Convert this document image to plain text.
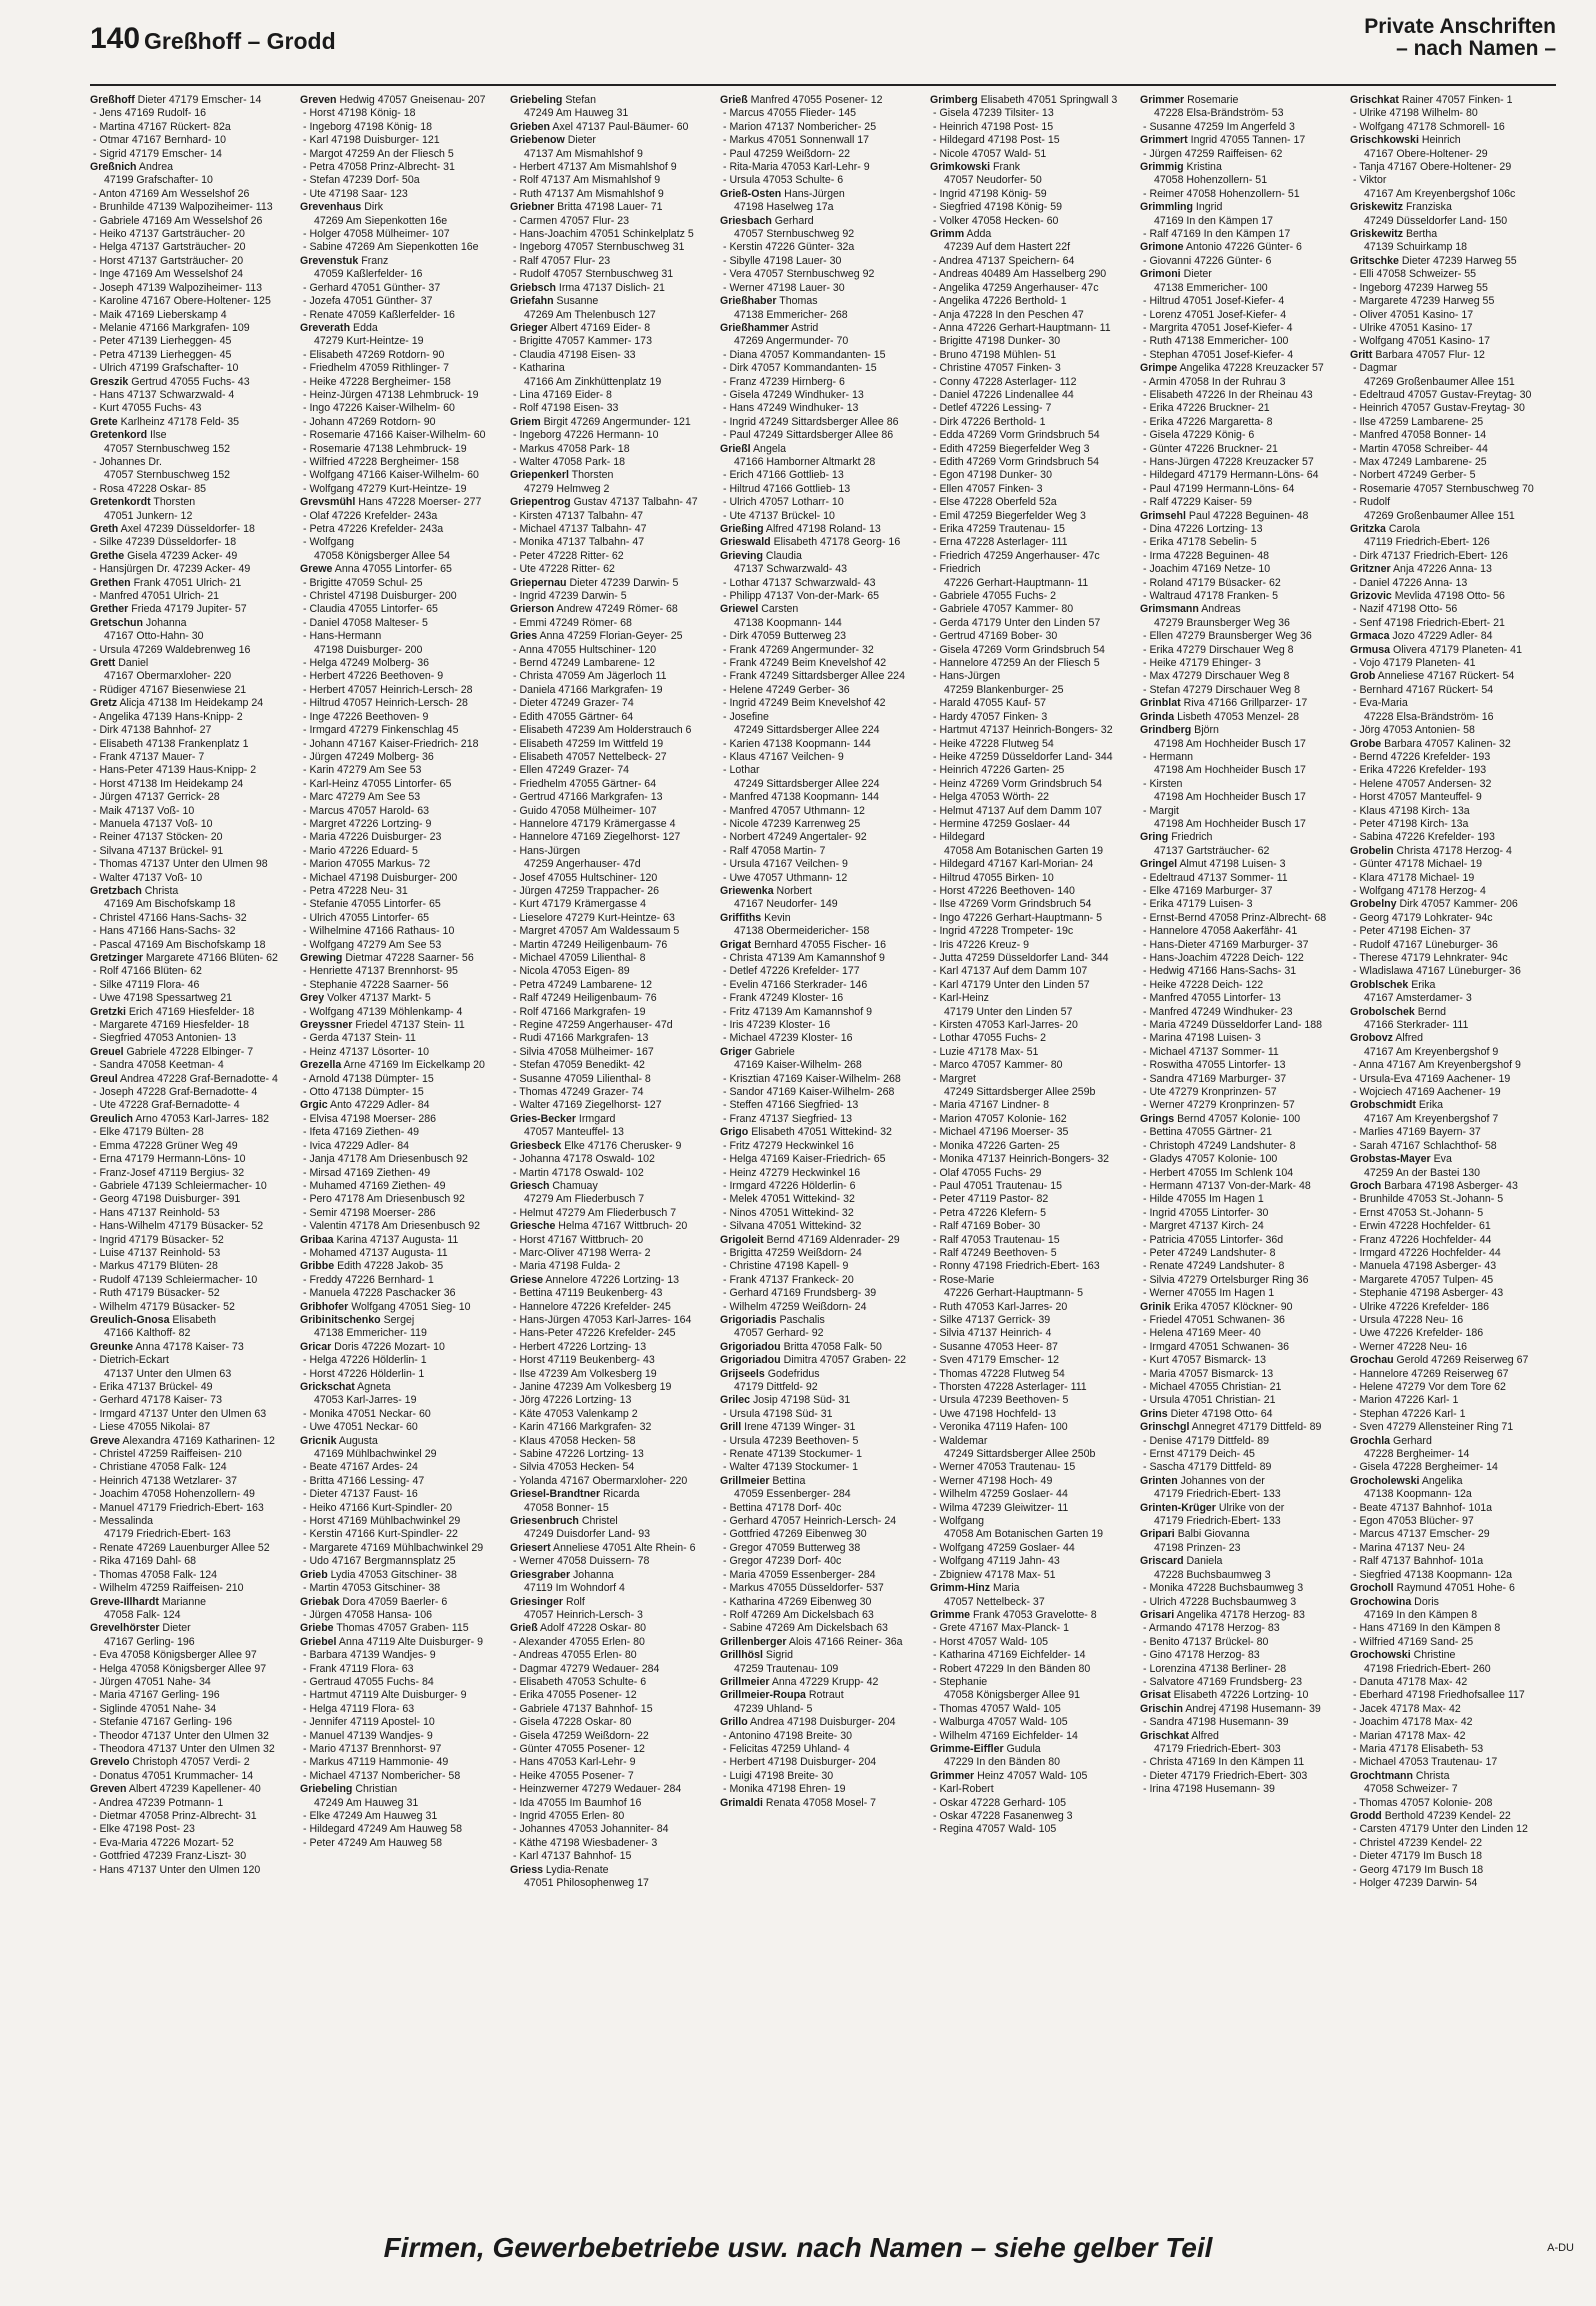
140 Greßhoff – Grodd
Private Anschriften
– nach Namen –
Greßhoff Dieter 47179 Emscher- 14
- Jens 47169 Rudolf- 16
- Martina 47167 Rückert- 82a
- Otmar 47167 Bernhard- 10
- Sigrid 47179 Emscher- 14
Greßnich Andrea
47199 Grafschafter- 10
- Anton 47169 Am Wesselshof 26
- Brunhilde 47139 Walpoziheimer- 113
- Gabriele 47169 Am Wesselshof 26
- Heiko 47137 Gartsträucher- 20
- Helga 47137 Gartsträucher- 20
- Horst 47137 Gartsträucher- 20
- Inge 47169 Am Wesselshof 24
- Joseph 47139 Walpoziheimer- 113
- Karoline 47167 Obere-Holtener- 125
- Maik 47169 Lieberskamp 4
- Melanie 47166 Markgrafen- 109
- Peter 47139 Lierheggen- 45
- Petra 47139 Lierheggen- 45
- Ulrich 47199 Grafschafter- 10
Greszik Gertrud 47055 Fuchs- 43
- Hans 47137 Schwarzwald- 4
- Kurt 47055 Fuchs- 43
Grete Karlheinz 47178 Feld- 35
Gretenkord Ilse
47057 Sternbuschweg 152
- Johannes Dr.
47057 Sternbuschweg 152
- Rosa 47228 Oskar- 85
Gretenkordt Thorsten
47051 Junkern- 12
Greth Axel 47239 Düsseldorfer- 18
- Silke 47239 Düsseldorfer- 18
Grethe Gisela 47239 Acker- 49
- Hansjürgen Dr. 47239 Acker- 49
Grethen Frank 47051 Ulrich- 21
- Manfred 47051 Ulrich- 21
Grether Frieda 47179 Jupiter- 57
Gretschun Johanna
47167 Otto-Hahn- 30
- Ursula 47269 Waldebrenweg 16
Grett Daniel
47167 Obermarxloher- 220
- Rüdiger 47167 Biesenwiese 21
Gretz Alicja 47138 Im Heidekamp 24
- Angelika 47139 Hans-Knipp- 2
- Dirk 47138 Bahnhof- 27
- Elisabeth 47138 Frankenplatz 1
- Frank 47137 Mauer- 7
- Hans-Peter 47139 Haus-Knipp- 2
- Horst 47138 Im Heidekamp 24
- Jürgen 47137 Gerrick- 28
- Maik 47137 Voß- 10
- Manuela 47137 Voß- 10
- Reiner 47137 Stöcken- 20
- Silvana 47137 Brückel- 91
- Thomas 47137 Unter den Ulmen 98
- Walter 47137 Voß- 10
Gretzbach Christa
47169 Am Bischofskamp 18
- Christel 47166 Hans-Sachs- 32
- Hans 47166 Hans-Sachs- 32
- Pascal 47169 Am Bischofskamp 18
Gretzinger Margarete 47166 Blüten- 62
- Rolf 47166 Blüten- 62
- Silke 47119 Flora- 46
- Uwe 47198 Spessartweg 21
Gretzki Erich 47169 Hiesfelder- 18
- Margarete 47169 Hiesfelder- 18
- Siegfried 47053 Antonien- 13
Greuel Gabriele 47228 Elbinger- 7
- Sandra 47058 Keetman- 4
Greul Andrea 47228 Graf-Bernadotte- 4
- Joseph 47228 Graf-Bernadotte- 4
- Ute 47228 Graf-Bernadotte- 4
Greulich Arno 47053 Karl-Jarres- 182
- Elke 47179 Bülten- 28
- Emma 47228 Grüner Weg 49
- Erna 47179 Hermann-Löns- 10
- Franz-Josef 47119 Bergius- 32
- Gabriele 47139 Schleiermacher- 10
- Georg 47198 Duisburger- 391
- Hans 47137 Reinhold- 53
- Hans-Wilhelm 47179 Büsacker- 52
- Ingrid 47179 Büsacker- 52
- Luise 47137 Reinhold- 53
- Markus 47179 Blüten- 28
- Rudolf 47139 Schleiermacher- 10
- Ruth 47179 Büsacker- 52
- Wilhelm 47179 Büsacker- 52
Greulich-Gnosa Elisabeth
47166 Kalthoff- 82
Greunke Anna 47178 Kaiser- 73
- Dietrich-Eckart
47137 Unter den Ulmen 63
- Erika 47137 Brückel- 49
- Gerhard 47178 Kaiser- 73
- Irmgard 47137 Unter den Ulmen 63
- Liese 47055 Nikolai- 87
Greve Alexandra 47169 Katharinen- 12
- Christel 47259 Raiffeisen- 210
- Christiane 47058 Falk- 124
- Heinrich 47138 Wetzlarer- 37
- Joachim 47058 Hohenzollern- 49
- Manuel 47179 Friedrich-Ebert- 163
- Messalinda
47179 Friedrich-Ebert- 163
- Renate 47269 Lauenburger Allee 52
- Rika 47169 Dahl- 68
- Thomas 47058 Falk- 124
- Wilhelm 47259 Raiffeisen- 210
Greve-Illhardt Marianne
47058 Falk- 124
Grevelhörster Dieter
47167 Gerling- 196
- Eva 47058 Königsberger Allee 97
- Helga 47058 Königsberger Allee 97
- Jürgen 47051 Nahe- 34
- Maria 47167 Gerling- 196
- Siglinde 47051 Nahe- 34
- Stefanie 47167 Gerling- 196
- Theodor 47137 Unter den Ulmen 32
- Theodora 47137 Unter den Ulmen 32
Grevelo Christoph 47057 Verdi- 2
- Donatus 47051 Krummacher- 14
Greven Albert 47239 Kapellener- 40
- Andrea 47239 Potmann- 1
- Dietmar 47058 Prinz-Albrecht- 31
- Elke 47198 Post- 23
- Eva-Maria 47226 Mozart- 52
- Gottfried 47239 Franz-Liszt- 30
- Hans 47137 Unter den Ulmen 120
Greven Hedwig 47057 Gneisenau- 207
- Horst 47198 König- 18
- Ingeborg 47198 König- 18
- Karl 47198 Duisburger- 121
- Margot 47259 An der Fliesch 5
- Petra 47058 Prinz-Albrecht- 31
- Stefan 47239 Dorf- 50a
- Ute 47198 Saar- 123
Grevenhaus Dirk
47269 Am Siepenkotten 16e
- Holger 47058 Mülheimer- 107
- Sabine 47269 Am Siepenkotten 16e
Grevenstuk Franz
47059 Kaßlerfelder- 16
- Gerhard 47051 Günther- 37
- Jozefa 47051 Günther- 37
- Renate 47059 Kaßlerfelder- 16
Greverath Edda
47279 Kurt-Heintze- 19
- Elisabeth 47269 Rotdorn- 90
- Friedhelm 47059 Rithlinger- 7
- Heike 47228 Bergheimer- 158
- Heinz-Jürgen 47138 Lehmbruck- 19
- Ingo 47226 Kaiser-Wilhelm- 60
- Johann 47269 Rotdorn- 90
- Rosemarie 47166 Kaiser-Wilhelm- 60
- Rosemarie 47138 Lehmbruck- 19
- Wilfried 47228 Bergheimer- 158
- Wolfgang 47166 Kaiser-Wilhelm- 60
- Wolfgang 47279 Kurt-Heintze- 19
Grevsmühl Hans 47228 Moerser- 277
- Olaf 47226 Krefelder- 243a
- Petra 47226 Krefelder- 243a
- Wolfgang
47058 Königsberger Allee 54
Grewe Anna 47055 Lintorfer- 65
- Brigitte 47059 Schul- 25
- Christel 47198 Duisburger- 200
- Claudia 47055 Lintorfer- 65
- Daniel 47058 Malteser- 5
- Hans-Hermann
47198 Duisburger- 200
- Helga 47249 Molberg- 36
- Herbert 47226 Beethoven- 9
- Herbert 47057 Heinrich-Lersch- 28
- Hiltrud 47057 Heinrich-Lersch- 28
- Inge 47226 Beethoven- 9
- Irmgard 47279 Finkenschlag 45
- Johann 47167 Kaiser-Friedrich- 218
- Jürgen 47249 Molberg- 36
- Karin 47279 Am See 53
- Karl-Heinz 47055 Lintorfer- 65
- Marc 47279 Am See 53
- Marcus 47057 Harold- 63
- Margret 47226 Lortzing- 9
- Maria 47226 Duisburger- 23
- Mario 47226 Eduard- 5
- Marion 47055 Markus- 72
- Michael 47198 Duisburger- 200
- Petra 47228 Neu- 31
- Stefanie 47055 Lintorfer- 65
- Ulrich 47055 Lintorfer- 65
- Wilhelmine 47166 Rathaus- 10
- Wolfgang 47279 Am See 53
Grewing Dietmar 47228 Saarner- 56
- Henriette 47137 Brennhorst- 95
- Stephanie 47228 Saarner- 56
Grey Volker 47137 Markt- 5
- Wolfgang 47139 Möhlenkamp- 4
Greyssner Friedel 47137 Stein- 11
- Gerda 47137 Stein- 11
- Heinz 47137 Lösorter- 10
Grezella Arne 47169 Im Eickelkamp 20
- Arnold 47138 Dümpter- 15
- Otto 47138 Dümpter- 15
Grgic Anto 47229 Adler- 84
- Elvisa 47198 Moerser- 286
- Ifeta 47169 Ziethen- 49
- Ivica 47229 Adler- 84
- Janja 47178 Am Driesenbusch 92
- Mirsad 47169 Ziethen- 49
- Muhamed 47169 Ziethen- 49
- Pero 47178 Am Driesenbusch 92
- Semir 47198 Moerser- 286
- Valentin 47178 Am Driesenbusch 92
Gribaa Karina 47137 Augusta- 11
- Mohamed 47137 Augusta- 11
Gribbe Edith 47228 Jakob- 35
- Freddy 47226 Bernhard- 1
- Manuela 47228 Paschacker 36
Gribhofer Wolfgang 47051 Sieg- 10
Gribinitschenko Sergej
47138 Emmericher- 119
Gricar Doris 47226 Mozart- 10
- Helga 47226 Hölderlin- 1
- Horst 47226 Hölderlin- 1
Grickschat Agneta
47053 Karl-Jarres- 19
- Monika 47051 Neckar- 60
- Uwe 47051 Neckar- 60
Gricnik Augusta
47169 Mühlbachwinkel 29
- Beate 47167 Ardes- 24
- Britta 47166 Lessing- 47
- Dieter 47137 Faust- 16
- Heiko 47166 Kurt-Spindler- 20
- Horst 47169 Mühlbachwinkel 29
- Kerstin 47166 Kurt-Spindler- 22
- Margarete 47169 Mühlbachwinkel 29
- Udo 47167 Bergmannsplatz 25
Grieb Lydia 47053 Gitschiner- 38
- Martin 47053 Gitschiner- 38
Griebak Dora 47059 Baerler- 6
- Jürgen 47058 Hansa- 106
Griebe Thomas 47057 Graben- 115
Griebel Anna 47119 Alte Duisburger- 9
- Barbara 47139 Wandjes- 9
- Frank 47119 Flora- 63
- Gertraud 47055 Fuchs- 84
- Hartmut 47119 Alte Duisburger- 9
- Helga 47119 Flora- 63
- Jennifer 47119 Apostel- 10
- Manuel 47139 Wandjes- 9
- Mario 47137 Brennhorst- 97
- Markus 47119 Hammonie- 49
- Michael 47137 Nombericher- 58
Griebeling Christian
47249 Am Hauweg 31
- Elke 47249 Am Hauweg 31
- Hildegard 47249 Am Hauweg 58
- Peter 47249 Am Hauweg 58
Griebeling Stefan
47249 Am Hauweg 31
Grieben Axel 47137 Paul-Bäumer- 60
Griebenow Dieter
47137 Am Mismahlshof 9
- Herbert 47137 Am Mismahlshof 9
- Rolf 47137 Am Mismahlshof 9
- Ruth 47137 Am Mismahlshof 9
Griebner Britta 47198 Lauer- 71
- Carmen 47057 Flur- 23
- Hans-Joachim 47051 Schinkelplatz 5
- Ingeborg 47057 Sternbuschweg 31
- Ralf 47057 Flur- 23
- Rudolf 47057 Sternbuschweg 31
Griebsch Irma 47137 Dislich- 21
Griefahn Susanne
47269 Am Thelenbusch 127
Grieger Albert 47169 Eider- 8
- Brigitte 47057 Kammer- 173
- Claudia 47198 Eisen- 33
- Katharina
47166 Am Zinkhüttenplatz 19
- Lina 47169 Eider- 8
- Rolf 47198 Eisen- 33
Griem Birgit 47269 Angermunder- 121
- Ingeborg 47226 Hermann- 10
- Markus 47058 Park- 18
- Walter 47058 Park- 18
Griepenkerl Thorsten
47279 Helmweg 2
Griepentrog Gustav 47137 Talbahn- 47
- Kirsten 47137 Talbahn- 47
- Michael 47137 Talbahn- 47
- Monika 47137 Talbahn- 47
- Peter 47228 Ritter- 62
- Ute 47228 Ritter- 62
Griepernau Dieter 47239 Darwin- 5
- Ingrid 47239 Darwin- 5
Grierson Andrew 47249 Römer- 68
- Emmi 47249 Römer- 68
Gries Anna 47259 Florian-Geyer- 25
- Anna 47055 Hultschiner- 120
- Bernd 47249 Lambarene- 12
- Christa 47059 Am Jägerloch 11
- Daniela 47166 Markgrafen- 19
- Dieter 47249 Grazer- 74
- Edith 47055 Gärtner- 64
- Elisabeth 47239 Am Holderstrauch 6
- Elisabeth 47259 Im Wittfeld 19
- Elisabeth 47057 Nettelbeck- 27
- Ellen 47249 Grazer- 74
- Friedhelm 47055 Gärtner- 64
- Gertrud 47166 Markgrafen- 13
- Guido 47058 Mülheimer- 107
- Hannelore 47179 Krämergasse 4
- Hannelore 47169 Ziegelhorst- 127
- Hans-Jürgen
47259 Angerhauser- 47d
- Josef 47055 Hultschiner- 120
- Jürgen 47259 Trappacher- 26
- Kurt 47179 Krämergasse 4
- Lieselore 47279 Kurt-Heintze- 63
- Margret 47057 Am Waldessaum 5
- Martin 47249 Heiligenbaum- 76
- Michael 47059 Lilienthal- 8
- Nicola 47053 Eigen- 89
- Petra 47249 Lambarene- 12
- Ralf 47249 Heiligenbaum- 76
- Rolf 47166 Markgrafen- 19
- Regine 47259 Angerhauser- 47d
- Rudi 47166 Markgrafen- 13
- Silvia 47058 Mülheimer- 167
- Stefan 47059 Benedikt- 42
- Susanne 47059 Lilienthal- 8
- Thomas 47249 Grazer- 74
- Walter 47169 Ziegelhorst- 127
Gries-Becker Irmgard
47057 Manteuffel- 13
Griesbeck Elke 47176 Cherusker- 9
- Johanna 47178 Oswald- 102
- Martin 47178 Oswald- 102
Griesch Chamuay
47279 Am Fliederbusch 7
- Helmut 47279 Am Fliederbusch 7
Griesche Helma 47167 Wittbruch- 20
- Horst 47167 Wittbruch- 20
- Marc-Oliver 47198 Werra- 2
- Maria 47198 Fulda- 2
Griese Annelore 47226 Lortzing- 13
- Bettina 47119 Beukenberg- 43
- Hannelore 47226 Krefelder- 245
- Hans-Jürgen 47053 Karl-Jarres- 164
- Hans-Peter 47226 Krefelder- 245
- Herbert 47226 Lortzing- 13
- Horst 47119 Beukenberg- 43
- Ilse 47239 Am Volkesberg 19
- Janine 47239 Am Volkesberg 19
- Jörg 47226 Lortzing- 13
- Käte 47053 Valenkamp 2
- Karin 47166 Markgrafen- 32
- Klaus 47058 Hecken- 58
- Sabine 47226 Lortzing- 13
- Silvia 47053 Hecken- 54
- Yolanda 47167 Obermarxloher- 220
Griesel-Brandtner Ricarda
47058 Bonner- 15
Griesenbruch Christel
47249 Duisdorfer Land- 93
Griesert Anneliese 47051 Alte Rhein- 6
- Werner 47058 Duissern- 78
Griesgraber Johanna
47119 Im Wohndorf 4
Griesinger Rolf
47057 Heinrich-Lersch- 3
Grieß Adolf 47228 Oskar- 80
- Alexander 47055 Erlen- 80
- Andreas 47055 Erlen- 80
- Dagmar 47279 Wedauer- 284
- Elisabeth 47053 Schulte- 6
- Erika 47055 Posener- 12
- Gabriele 47137 Bahnhof- 15
- Gisela 47228 Oskar- 80
- Gisela 47259 Weißdorn- 22
- Günter 47055 Posener- 12
- Hans 47053 Karl-Lehr- 9
- Heike 47055 Posener- 7
- Heinzwerner 47279 Wedauer- 284
- Ida 47055 Im Baumhof 16
- Ingrid 47055 Erlen- 80
- Johannes 47053 Johanniter- 84
- Käthe 47198 Wiesbadener- 3
- Karl 47137 Bahnhof- 15
Griess Lydia-Renate
47051 Philosophenweg 17
Grieß Manfred 47055 Posener- 12
- Marcus 47055 Flieder- 145
- Marion 47137 Nombericher- 25
- Markus 47051 Sonnenwall 17
- Paul 47259 Weißdorn- 22
- Rita-Maria 47053 Karl-Lehr- 9
- Ursula 47053 Schulte- 6
Grieß-Osten Hans-Jürgen
47198 Haselweg 17a
Griesbach Gerhard
47057 Sternbuschweg 92
- Kerstin 47226 Günter- 32a
- Sibylle 47198 Lauer- 30
- Vera 47057 Sternbuschweg 92
- Werner 47198 Lauer- 30
Grießhaber Thomas
47138 Emmericher- 268
Grießhammer Astrid
47269 Angermunder- 70
- Diana 47057 Kommandanten- 15
- Dirk 47057 Kommandanten- 15
- Franz 47239 Hirnberg- 6
- Gisela 47249 Windhuker- 13
- Hans 47249 Windhuker- 13
- Ingrid 47249 Sittardsberger Allee 86
- Paul 47249 Sittardsberger Allee 86
Grießl Angela
47166 Hamborner Altmarkt 28
- Erich 47166 Gottlieb- 13
- Hiltrud 47166 Gottlieb- 13
- Ulrich 47057 Lotharr- 10
- Ute 47137 Brückel- 10
Grießing Alfred 47198 Roland- 13
Grieswald Elisabeth 47178 Georg- 16
Grieving Claudia
47137 Schwarzwald- 43
- Lothar 47137 Schwarzwald- 43
- Philipp 47137 Von-der-Mark- 65
Griewel Carsten
47138 Koopmann- 144
- Dirk 47059 Butterweg 23
- Frank 47269 Angermunder- 32
- Frank 47249 Beim Knevelshof 42
- Frank 47249 Sittardsberger Allee 224
- Helene 47249 Gerber- 36
- Ingrid 47249 Beim Knevelshof 42
- Josefine
47249 Sittardsberger Allee 224
- Karien 47138 Koopmann- 144
- Klaus 47167 Veilchen- 9
- Lothar
47249 Sittardsberger Allee 224
- Manfred 47138 Koopmann- 144
- Manfred 47057 Uthmann- 12
- Nicole 47239 Karrenweg 25
- Norbert 47249 Angertaler- 92
- Ralf 47058 Martin- 7
- Ursula 47167 Veilchen- 9
- Uwe 47057 Uthmann- 12
Griewenka Norbert
47167 Neudorfer- 149
Griffiths Kevin
47138 Obermeidericher- 158
Grigat Bernhard 47055 Fischer- 16
- Christa 47139 Am Kamannshof 9
- Detlef 47226 Krefelder- 177
- Evelin 47166 Sterkrader- 146
- Frank 47249 Kloster- 16
- Fritz 47139 Am Kamannshof 9
- Iris 47239 Kloster- 16
- Michael 47239 Kloster- 16
Griger Gabriele
47169 Kaiser-Wilhelm- 268
- Krisztian 47169 Kaiser-Wilhelm- 268
- Sandor 47169 Kaiser-Wilhelm- 268
- Steffen 47166 Siegfried- 13
- Franz 47137 Siegfried- 13
Grigo Elisabeth 47051 Wittekind- 32
- Fritz 47279 Heckwinkel 16
- Helga 47169 Kaiser-Friedrich- 65
- Heinz 47279 Heckwinkel 16
- Irmgard 47226 Hölderlin- 6
- Melek 47051 Wittekind- 32
- Ninos 47051 Wittekind- 32
- Silvana 47051 Wittekind- 32
Grigoleit Bernd 47169 Aldenrader- 29
- Brigitta 47259 Weißdorn- 24
- Christine 47198 Kapell- 9
- Frank 47137 Frankeck- 20
- Gerhard 47169 Frundsberg- 39
- Wilhelm 47259 Weißdorn- 24
Grigoriadis Paschalis
47057 Gerhard- 92
Grigoriadou Britta 47058 Falk- 50
Grigoriadou Dimitra 47057 Graben- 22
Grijseels Godefridus
47179 Dittfeld- 92
Grilec Josip 47198 Süd- 31
- Ursula 47198 Süd- 31
Grill Irene 47139 Winger- 31
- Ursula 47239 Beethoven- 5
- Renate 47139 Stockumer- 1
- Walter 47139 Stockumer- 1
Grillmeier Bettina
47059 Essenberger- 284
- Bettina 47178 Dorf- 40c
- Gerhard 47057 Heinrich-Lersch- 24
- Gottfried 47269 Eibenweg 30
- Gregor 47059 Butterweg 38
- Gregor 47239 Dorf- 40c
- Maria 47059 Essenberger- 284
- Markus 47055 Düsseldorfer- 537
- Katharina 47269 Eibenweg 30
- Rolf 47269 Am Dickelsbach 63
- Sabine 47269 Am Dickelsbach 63
Grillenberger Alois 47166 Reiner- 36a
Grillhösl Sigrid
47259 Trautenau- 109
Grillmeier Anna 47229 Krupp- 42
Grillmeier-Roupa Rotraut
47239 Uhland- 5
Grillo Andrea 47198 Duisburger- 204
- Antonino 47198 Breite- 30
- Felicitas 47259 Uhland- 4
- Herbert 47198 Duisburger- 204
- Luigi 47198 Breite- 30
- Monika 47198 Ehren- 19
Grimaldi Renata 47058 Mosel- 7
Grimberg Elisabeth 47051 Springwall 3
- Gisela 47239 Tilsiter- 13
- Heinrich 47198 Post- 15
- Hildegard 47198 Post- 15
- Nicole 47057 Wald- 51
Grimkowski Frank
47057 Neudorfer- 50
- Ingrid 47198 König- 59
- Siegfried 47198 König- 59
- Volker 47058 Hecken- 60
Grimm Adda
47239 Auf dem Hastert 22f
- Andrea 47137 Speichern- 64
- Andreas 40489 Am Hasselberg 290
- Angelika 47259 Angerhauser- 47c
- Angelika 47226 Berthold- 1
- Anja 47228 In den Peschen 47
- Anna 47226 Gerhart-Hauptmann- 11
- Brigitte 47198 Dunker- 30
- Bruno 47198 Mühlen- 51
- Christine 47057 Finken- 3
- Conny 47228 Asterlager- 112
- Daniel 47226 Lindenallee 44
- Detlef 47226 Lessing- 7
- Dirk 47226 Berthold- 1
- Edda 47269 Vorm Grindsbruch 54
- Edith 47259 Biegerfelder Weg 3
- Edith 47269 Vorm Grindsbruch 54
- Egon 47198 Dunker- 30
- Ellen 47057 Finken- 3
- Else 47228 Oberfeld 52a
- Emil 47259 Biegerfelder Weg 3
- Erika 47259 Trautenau- 15
- Erna 47228 Asterlager- 111
- Friedrich 47259 Angerhauser- 47c
- Friedrich
47226 Gerhart-Hauptmann- 11
- Gabriele 47055 Fuchs- 2
- Gabriele 47057 Kammer- 80
- Gerda 47179 Unter den Linden 57
- Gertrud 47169 Bober- 30
- Gisela 47269 Vorm Grindsbruch 54
- Hannelore 47259 An der Fliesch 5
- Hans-Jürgen
47259 Blankenburger- 25
- Harald 47055 Kauf- 57
- Hardy 47057 Finken- 3
- Hartmut 47137 Heinrich-Bongers- 32
- Heike 47228 Flutweg 54
- Heike 47259 Düsseldorfer Land- 344
- Heinrich 47226 Garten- 25
- Heinz 47269 Vorm Grindsbruch 54
- Helga 47053 Wörth- 22
- Helmut 47137 Auf dem Damm 107
- Hermine 47259 Goslaer- 44
- Hildegard
47058 Am Botanischen Garten 19
- Hildegard 47167 Karl-Morian- 24
- Hiltrud 47055 Birken- 10
- Horst 47226 Beethoven- 140
- Ilse 47269 Vorm Grindsbruch 54
- Ingo 47226 Gerhart-Hauptmann- 5
- Ingrid 47228 Trompeter- 19c
- Iris 47226 Kreuz- 9
- Jutta 47259 Düsseldorfer Land- 344
- Karl 47137 Auf dem Damm 107
- Karl 47179 Unter den Linden 57
- Karl-Heinz
47179 Unter den Linden 57
- Kirsten 47053 Karl-Jarres- 20
- Lothar 47055 Fuchs- 2
- Luzie 47178 Max- 51
- Marco 47057 Kammer- 80
- Margret
47249 Sittardsberger Allee 259b
- Maria 47167 Lindner- 8
- Marion 47057 Kolonie- 162
- Michael 47196 Moerser- 35
- Monika 47226 Garten- 25
- Monika 47137 Heinrich-Bongers- 32
- Olaf 47055 Fuchs- 29
- Paul 47051 Trautenau- 15
- Peter 47119 Pastor- 82
- Petra 47226 Klefern- 5
- Ralf 47169 Bober- 30
- Ralf 47053 Trautenau- 15
- Ralf 47249 Beethoven- 5
- Ronny 47198 Friedrich-Ebert- 163
- Rose-Marie
47226 Gerhart-Hauptmann- 5
- Ruth 47053 Karl-Jarres- 20
- Silke 47137 Gerrick- 39
- Silvia 47137 Heinrich- 4
- Susanne 47053 Heer- 87
- Sven 47179 Emscher- 12
- Thomas 47228 Flutweg 54
- Thorsten 47228 Asterlager- 111
- Ursula 47239 Beethoven- 5
- Uwe 47198 Hochfeld- 13
- Veronika 47119 Hafen- 100
- Waldemar
47249 Sittardsberger Allee 250b
- Werner 47053 Trautenau- 15
- Werner 47198 Hoch- 49
- Wilhelm 47259 Goslaer- 44
- Wilma 47239 Gleiwitzer- 11
- Wolfgang
47058 Am Botanischen Garten 19
- Wolfgang 47259 Goslaer- 44
- Wolfgang 47119 Jahn- 43
- Zbigniew 47178 Max- 51
Grimm-Hinz Maria
47057 Nettelbeck- 37
Grimme Frank 47053 Gravelotte- 8
- Grete 47167 Max-Planck- 1
- Horst 47057 Wald- 105
- Katharina 47169 Eichfelder- 14
- Robert 47229 In den Bänden 80
- Stephanie
47058 Königsberger Allee 91
- Thomas 47057 Wald- 105
- Walburga 47057 Wald- 105
- Wilhelm 47169 Eichfelder- 14
Grimme-Eiffler Gudula
47229 In den Bänden 80
Grimmer Heinz 47057 Wald- 105
- Karl-Robert
- Oskar 47228 Gerhard- 105
- Oskar 47228 Fasanenweg 3
- Regina 47057 Wald- 105
Grimmer Rosemarie
47228 Elsa-Brändström- 53
- Susanne 47259 Im Angerfeld 3
Grimmert Ingrid 47055 Tannen- 17
- Jürgen 47259 Raiffeisen- 62
Grimmig Kristina
47058 Hohenzollern- 51
- Reimer 47058 Hohenzollern- 51
Grimmling Ingrid
47169 In den Kämpen 17
- Ralf 47169 In den Kämpen 17
Grimone Antonio 47226 Günter- 6
- Giovanni 47226 Günter- 6
Grimoni Dieter
47138 Emmericher- 100
- Hiltrud 47051 Josef-Kiefer- 4
- Lorenz 47051 Josef-Kiefer- 4
- Margrita 47051 Josef-Kiefer- 4
- Ruth 47138 Emmericher- 100
- Stephan 47051 Josef-Kiefer- 4
Grimpe Angelika 47228 Kreuzacker 57
- Armin 47058 In der Ruhrau 3
- Elisabeth 47226 In der Rheinau 43
- Erika 47226 Bruckner- 21
- Erika 47226 Margaretta- 8
- Gisela 47229 König- 6
- Günter 47226 Bruckner- 21
- Hans-Jürgen 47228 Kreuzacker 57
- Hildegard 47179 Hermann-Löns- 64
- Paul 47199 Hermann-Löns- 64
- Ralf 47229 Kaiser- 59
Grimsehl Paul 47228 Beguinen- 48
- Dina 47226 Lortzing- 13
- Erika 47178 Sebelin- 5
- Irma 47228 Beguinen- 48
- Joachim 47169 Netze- 10
- Roland 47179 Büsacker- 62
- Waltraud 47178 Franken- 5
Grimsmann Andreas
47279 Braunsberger Weg 36
- Ellen 47279 Braunsberger Weg 36
- Erika 47279 Dirschauer Weg 8
- Heike 47179 Ehinger- 3
- Max 47279 Dirschauer Weg 8
- Stefan 47279 Dirschauer Weg 8
Grinblat Riva 47166 Grillparzer- 17
Grinda Lisbeth 47053 Menzel- 28
Grindberg Björn
47198 Am Hochheider Busch 17
- Hermann
47198 Am Hochheider Busch 17
- Kirsten
47198 Am Hochheider Busch 17
- Margit
47198 Am Hochheider Busch 17
Gring Friedrich
47137 Gartsträucher- 62
Gringel Almut 47198 Luisen- 3
- Edeltraud 47137 Sommer- 11
- Elke 47169 Marburger- 37
- Erika 47179 Luisen- 3
- Ernst-Bernd 47058 Prinz-Albrecht- 68
- Hannelore 47058 Aakerfähr- 41
- Hans-Dieter 47169 Marburger- 37
- Hans-Joachim 47228 Deich- 122
- Hedwig 47166 Hans-Sachs- 31
- Heike 47228 Deich- 122
- Manfred 47055 Lintorfer- 13
- Manfred 47249 Windhuker- 23
- Maria 47249 Düsseldorfer Land- 188
- Marina 47198 Luisen- 3
- Michael 47137 Sommer- 11
- Roswitha 47055 Lintorfer- 13
- Sandra 47169 Marburger- 37
- Ute 47279 Kronprinzen- 57
- Werner 47279 Kronprinzen- 57
Grings Bernd 47057 Kolonie- 100
- Bettina 47055 Gärtner- 21
- Christoph 47249 Landshuter- 8
- Gladys 47057 Kolonie- 100
- Herbert 47055 Im Schlenk 104
- Hermann 47137 Von-der-Mark- 48
- Hilde 47055 Im Hagen 1
- Ingrid 47055 Lintorfer- 30
- Margret 47137 Kirch- 24
- Patricia 47055 Lintorfer- 36d
- Peter 47249 Landshuter- 8
- Renate 47249 Landshuter- 8
- Silvia 47279 Ortelsburger Ring 36
- Werner 47055 Im Hagen 1
Grinik Erika 47057 Klöckner- 90
- Friedel 47051 Schwanen- 36
- Helena 47169 Meer- 40
- Irmgard 47051 Schwanen- 36
- Kurt 47057 Bismarck- 13
- Maria 47057 Bismarck- 13
- Michael 47055 Christian- 21
- Ursula 47051 Christian- 21
Grins Dieter 47198 Otto- 64
Grinschgl Annegret 47179 Dittfeld- 89
- Denise 47179 Dittfeld- 89
- Ernst 47179 Deich- 45
- Sascha 47179 Dittfeld- 89
Grinten Johannes von der
47179 Friedrich-Ebert- 133
Grinten-Krüger Ulrike von der
47179 Friedrich-Ebert- 133
Gripari Balbi Giovanna
47198 Prinzen- 23
Griscard Daniela
47228 Buchsbaumweg 3
- Monika 47228 Buchsbaumweg 3
- Ulrich 47228 Buchsbaumweg 3
Grisari Angelika 47178 Herzog- 83
- Armando 47178 Herzog- 83
- Benito 47137 Brückel- 80
- Gino 47178 Herzog- 83
- Lorenzina 47138 Berliner- 28
- Salvatore 47169 Frundsberg- 23
Grisat Elisabeth 47226 Lortzing- 10
Grischin Andrej 47198 Husemann- 39
- Sandra 47198 Husemann- 39
Grischkat Alfred
47179 Friedrich-Ebert- 303
- Christa 47169 In den Kämpen 11
- Dieter 47179 Friedrich-Ebert- 303
- Irina 47198 Husemann- 39
Grischkat Rainer 47057 Finken- 1
- Ulrike 47198 Wilhelm- 80
- Wolfgang 47178 Schmorell- 16
Grischkowski Heinrich
47167 Obere-Holtener- 29
- Tanja 47167 Obere-Holtener- 29
- Viktor
47167 Am Kreyenbergshof 106c
Griskewitz Franziska
47249 Düsseldorfer Land- 150
Griskewitz Bertha
47139 Schuirkamp 18
Gritschke Dieter 47239 Harweg 55
- Elli 47058 Schweizer- 55
- Ingeborg 47239 Harweg 55
- Margarete 47239 Harweg 55
- Oliver 47051 Kasino- 17
- Ulrike 47051 Kasino- 17
- Wolfgang 47051 Kasino- 17
Gritt Barbara 47057 Flur- 12
- Dagmar
47269 Großenbaumer Allee 151
- Edeltraud 47057 Gustav-Freytag- 30
- Heinrich 47057 Gustav-Freytag- 30
- Ilse 47259 Lambarene- 25
- Manfred 47058 Bonner- 14
- Martin 47058 Schreiber- 44
- Max 47249 Lambarene- 25
- Norbert 47249 Gerber- 5
- Rosemarie 47057 Sternbuschweg 70
- Rudolf
47269 Großenbaumer Allee 151
Gritzka Carola
47119 Friedrich-Ebert- 126
- Dirk 47137 Friedrich-Ebert- 126
Gritzner Anja 47226 Anna- 13
- Daniel 47226 Anna- 13
Grizovic Mevlida 47198 Otto- 56
- Nazif 47198 Otto- 56
- Senf 47198 Friedrich-Ebert- 21
Grmaca Jozo 47229 Adler- 84
Grmusa Olivera 47179 Planeten- 41
- Vojo 47179 Planeten- 41
Grob Anneliese 47167 Rückert- 54
- Bernhard 47167 Rückert- 54
- Eva-Maria
47228 Elsa-Brändström- 16
- Jörg 47053 Antonien- 58
Grobe Barbara 47057 Kalinen- 32
- Bernd 47226 Krefelder- 193
- Erika 47226 Krefelder- 193
- Helene 47057 Andersen- 32
- Horst 47057 Manteuffel- 9
- Klaus 47198 Kirch- 13a
- Peter 47198 Kirch- 13a
- Sabina 47226 Krefelder- 193
Grobelin Christa 47178 Herzog- 4
- Günter 47178 Michael- 19
- Klara 47178 Michael- 19
- Wolfgang 47178 Herzog- 4
Grobelny Dirk 47057 Kammer- 206
- Georg 47179 Lohkrater- 94c
- Peter 47198 Eichen- 37
- Rudolf 47167 Lüneburger- 36
- Therese 47179 Lehnkrater- 94c
- Wladislawa 47167 Lüneburger- 36
Groblschek Erika
47167 Amsterdamer- 3
Grobolschek Bernd
47166 Sterkrader- 111
Grobovz Alfred
47167 Am Kreyenbergshof 9
- Anna 47167 Am Kreyenbergshof 9
- Ursula-Eva 47169 Aachener- 19
- Wojciech 47169 Aachener- 19
Grobschmidt Erika
47167 Am Kreyenbergshof 7
- Marlies 47169 Bayern- 37
- Sarah 47167 Schlachthof- 58
Grobstas-Mayer Eva
47259 An der Bastei 130
Groch Barbara 47198 Asberger- 43
- Brunhilde 47053 St.-Johann- 5
- Ernst 47053 St.-Johann- 5
- Erwin 47228 Hochfelder- 61
- Franz 47226 Hochfelder- 44
- Irmgard 47226 Hochfelder- 44
- Manuela 47198 Asberger- 43
- Margarete 47057 Tulpen- 45
- Stephanie 47198 Asberger- 43
- Ulrike 47226 Krefelder- 186
- Ursula 47228 Neu- 16
- Uwe 47226 Krefelder- 186
- Werner 47228 Neu- 16
Grochau Gerold 47269 Reiserweg 67
- Hannelore 47269 Reiserweg 67
- Helene 47279 Vor dem Tore 62
- Marion 47226 Karl- 1
- Stephan 47226 Karl- 1
- Sven 47279 Allensteiner Ring 71
Grochla Gerhard
47228 Bergheimer- 14
- Gisela 47228 Bergheimer- 14
Grocholewski Angelika
47138 Koopmann- 12a
- Beate 47137 Bahnhof- 101a
- Egon 47053 Blücher- 97
- Marcus 47137 Emscher- 29
- Marina 47137 Neu- 24
- Ralf 47137 Bahnhof- 101a
- Siegfried 47138 Koopmann- 12a
Grocholl Raymund 47051 Hohe- 6
Grochowina Doris
47169 In den Kämpen 8
- Hans 47169 In den Kämpen 8
- Wilfried 47169 Sand- 25
Grochowski Christine
47198 Friedrich-Ebert- 260
- Danuta 47178 Max- 42
- Eberhard 47198 Friedhofsallee 117
- Jacek 47178 Max- 42
- Joachim 47178 Max- 42
- Marian 47178 Max- 42
- Maria 47178 Elisabeth- 53
- Michael 47053 Trautenau- 17
Grochtmann Christa
47058 Schweizer- 7
- Thomas 47057 Kolonie- 208
Grodd Berthold 47239 Kendel- 22
- Carsten 47179 Unter den Linden 12
- Christel 47239 Kendel- 22
- Dieter 47179 Im Busch 18
- Georg 47179 Im Busch 18
- Holger 47239 Darwin- 54
Firmen, Gewerbebetriebe usw. nach Namen – siehe gelber Teil	A-DU
